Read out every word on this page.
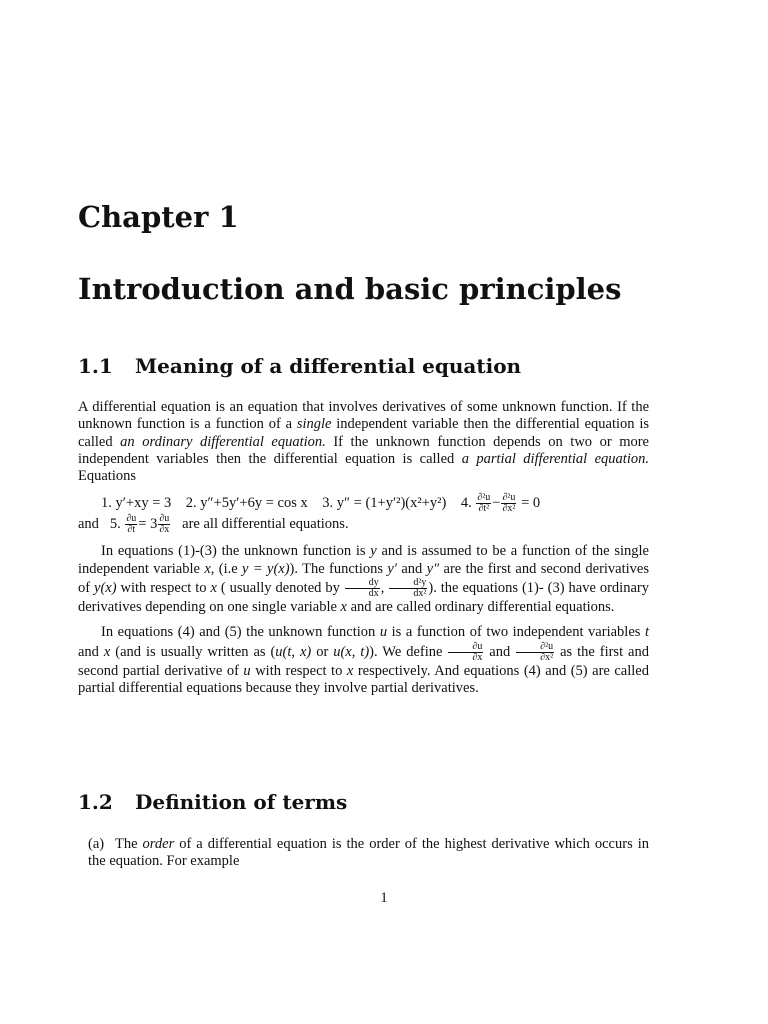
Chapter 1
Introduction and basic principles
1.1 Meaning of a differential equation

A differential equation is an equation that involves derivatives of some unknown function. If the unknown function is a function of a single independent variable then the differential equation is called an ordinary differential equation. If the unknown function depends on two or more independent variables then the differential equation is called a partial differential equation. Equations

1. y′+xy = 3 2. y″+5y′+6y = cos x 3. y″ = (1+y′²)(x²+y²) 4. $\frac{\text{∂²u}}{\text{∂t²}} - \frac{\text{∂²u}}{\text{∂x²}} = 0$
and 5. $\frac{\partial u}{\partial t} = 3 \frac{\partial u}{\partial x}$ are all differential equations.

In equations (1)-(3) the unknown function is y and is assumed to be a function of the single independent variable x, (i.e y = y(x)). The functions y′ and y″ are the first and second derivatives of y(x) with respect to x ( usually denoted by $\frac{dy}{dx}$ , $\frac{\text{d²y}}{\text{dx²}}$ ). the equations (1)- (3) have ordinary derivatives depending on one single variable x and are called ordinary differential equations.

In equations (4) and (5) the unknown function u is a function of two independent variables t and x (and is usually written as (u(t, x) or u(x, t)). We define $\frac{\partial u}{\partial x}$ and $\frac{\text{∂²u}}{\text{∂x²}}$ as the first and second partial derivative of u with respect to x respectively. And equations (4) and (5) are called partial differential equations because they involve partial derivatives.

1.2 Definition of terms
(a) The order of a differential equation is the order of the highest derivative which occurs in the equation. For example
1
